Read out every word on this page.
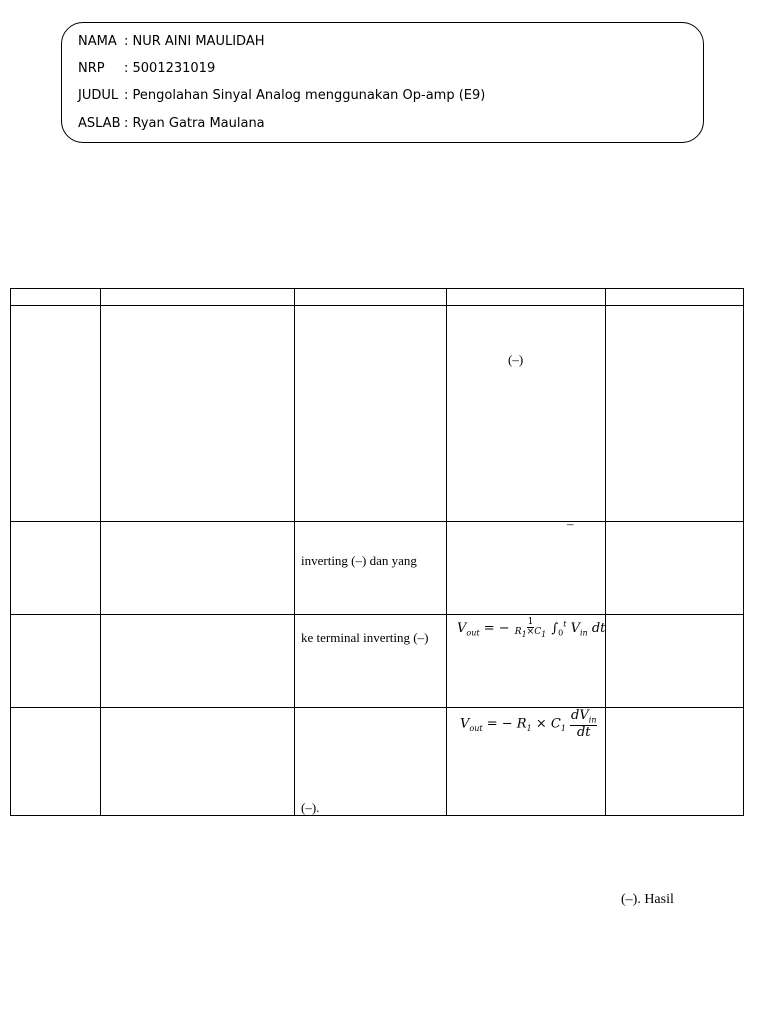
NAMA : NUR AINI MAULIDAH
NRP : 5001231019
JUDUL : Pengolahan Sinyal Analog menggunakan Op-amp (E9)
ASLAB : Ryan Gatra Maulana

			(–)	

		inverting (–) dan yang	–	

		ke terminal inverting (–)	$V_{out}$ = − $\frac{1}{R_1\times C_1} \int_0^t$ $V_{in}$ dt	

		(–).	$V_{out}$ = − $R_1 \times C_1 \frac{dV_{in}}{dt}$

(–). Hasil
